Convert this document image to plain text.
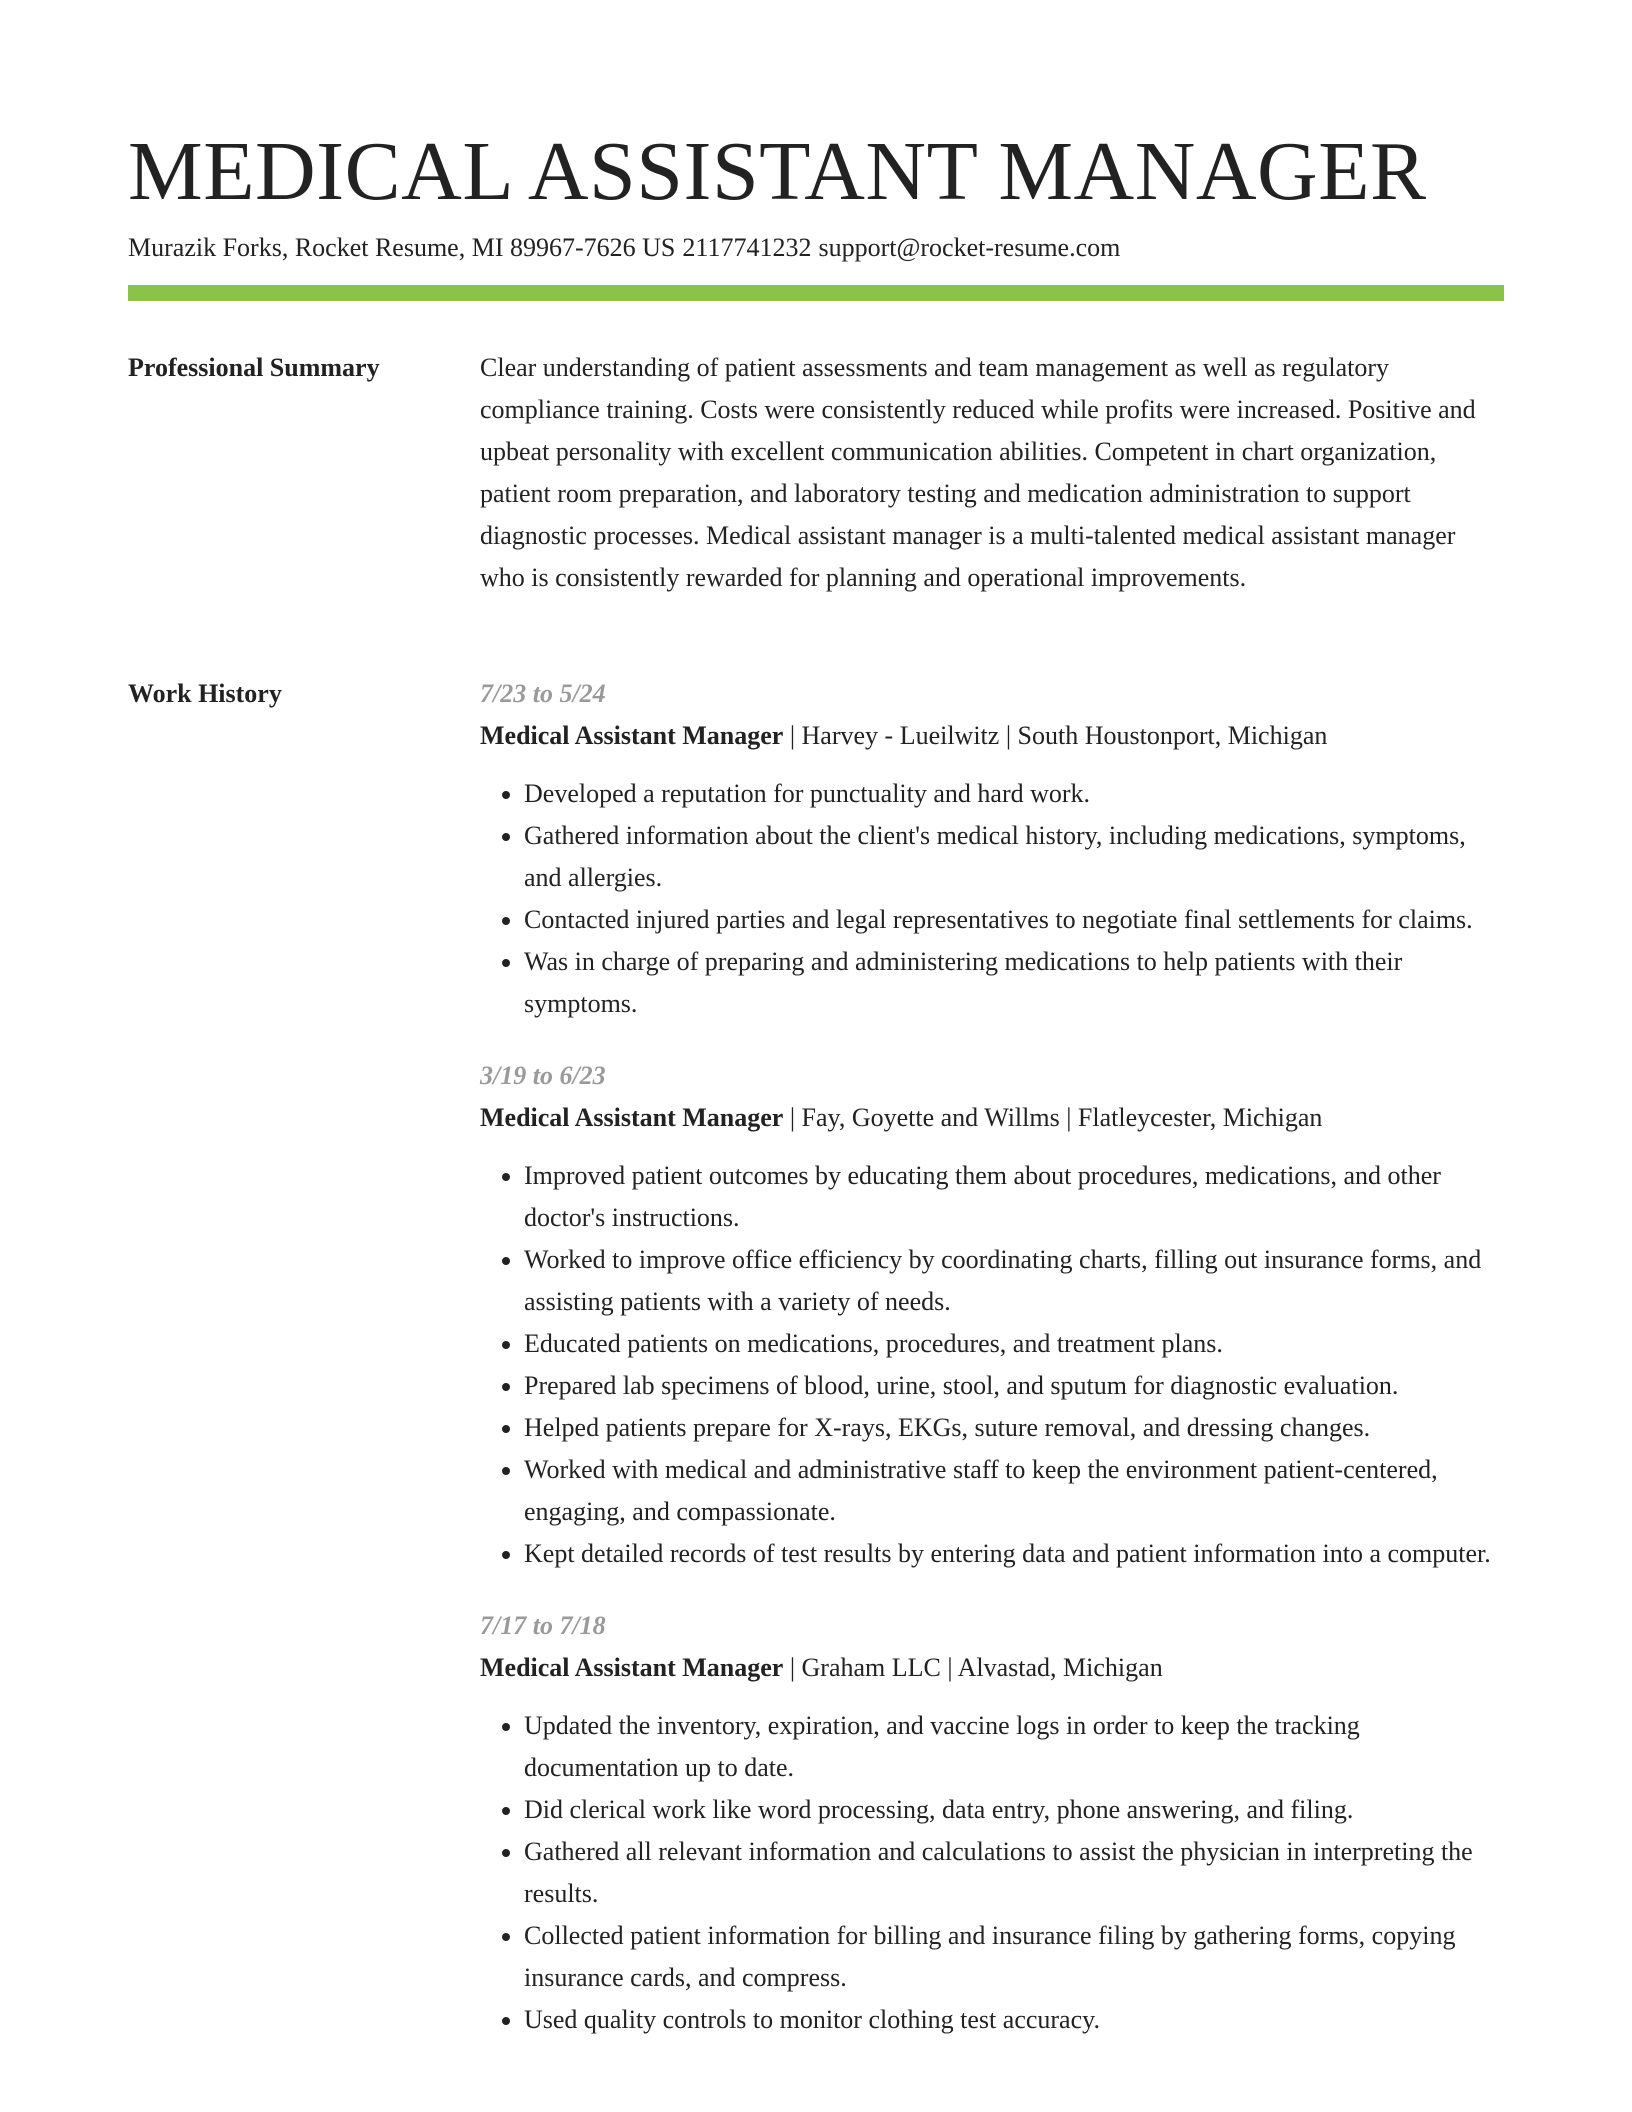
MEDICAL ASSISTANT MANAGER
Murazik Forks, Rocket Resume, MI 89967-7626 US 2117741232 support@rocket-resume.com
Professional Summary	Clear understanding of patient assessments and team management as well as regulatory compliance training. Costs were consistently reduced while profits were increased. Positive and upbeat personality with excellent communication abilities. Competent in chart organization, patient room preparation, and laboratory testing and medication administration to support diagnostic processes. Medical assistant manager is a multi-talented medical assistant manager who is consistently rewarded for planning and operational improvements.

Work History	7/23 to 5/24
Medical Assistant Manager | Harvey - Lueilwitz | South Houstonport, Michigan
• Developed a reputation for punctuality and hard work.
• Gathered information about the client's medical history, including medications, symptoms, and allergies.
• Contacted injured parties and legal representatives to negotiate final settlements for claims.
• Was in charge of preparing and administering medications to help patients with their symptoms.
3/19 to 6/23
Medical Assistant Manager | Fay, Goyette and Willms | Flatleycester, Michigan
• Improved patient outcomes by educating them about procedures, medications, and other doctor's instructions.
• Worked to improve office efficiency by coordinating charts, filling out insurance forms, and assisting patients with a variety of needs.
• Educated patients on medications, procedures, and treatment plans.
• Prepared lab specimens of blood, urine, stool, and sputum for diagnostic evaluation.
• Helped patients prepare for X-rays, EKGs, suture removal, and dressing changes.
• Worked with medical and administrative staff to keep the environment patient-centered, engaging, and compassionate.
• Kept detailed records of test results by entering data and patient information into a computer.
7/17 to 7/18
Medical Assistant Manager | Graham LLC | Alvastad, Michigan
• Updated the inventory, expiration, and vaccine logs in order to keep the tracking documentation up to date.
• Did clerical work like word processing, data entry, phone answering, and filing.
• Gathered all relevant information and calculations to assist the physician in interpreting the results.
• Collected patient information for billing and insurance filing by gathering forms, copying insurance cards, and compress.
• Used quality controls to monitor clothing test accuracy.
